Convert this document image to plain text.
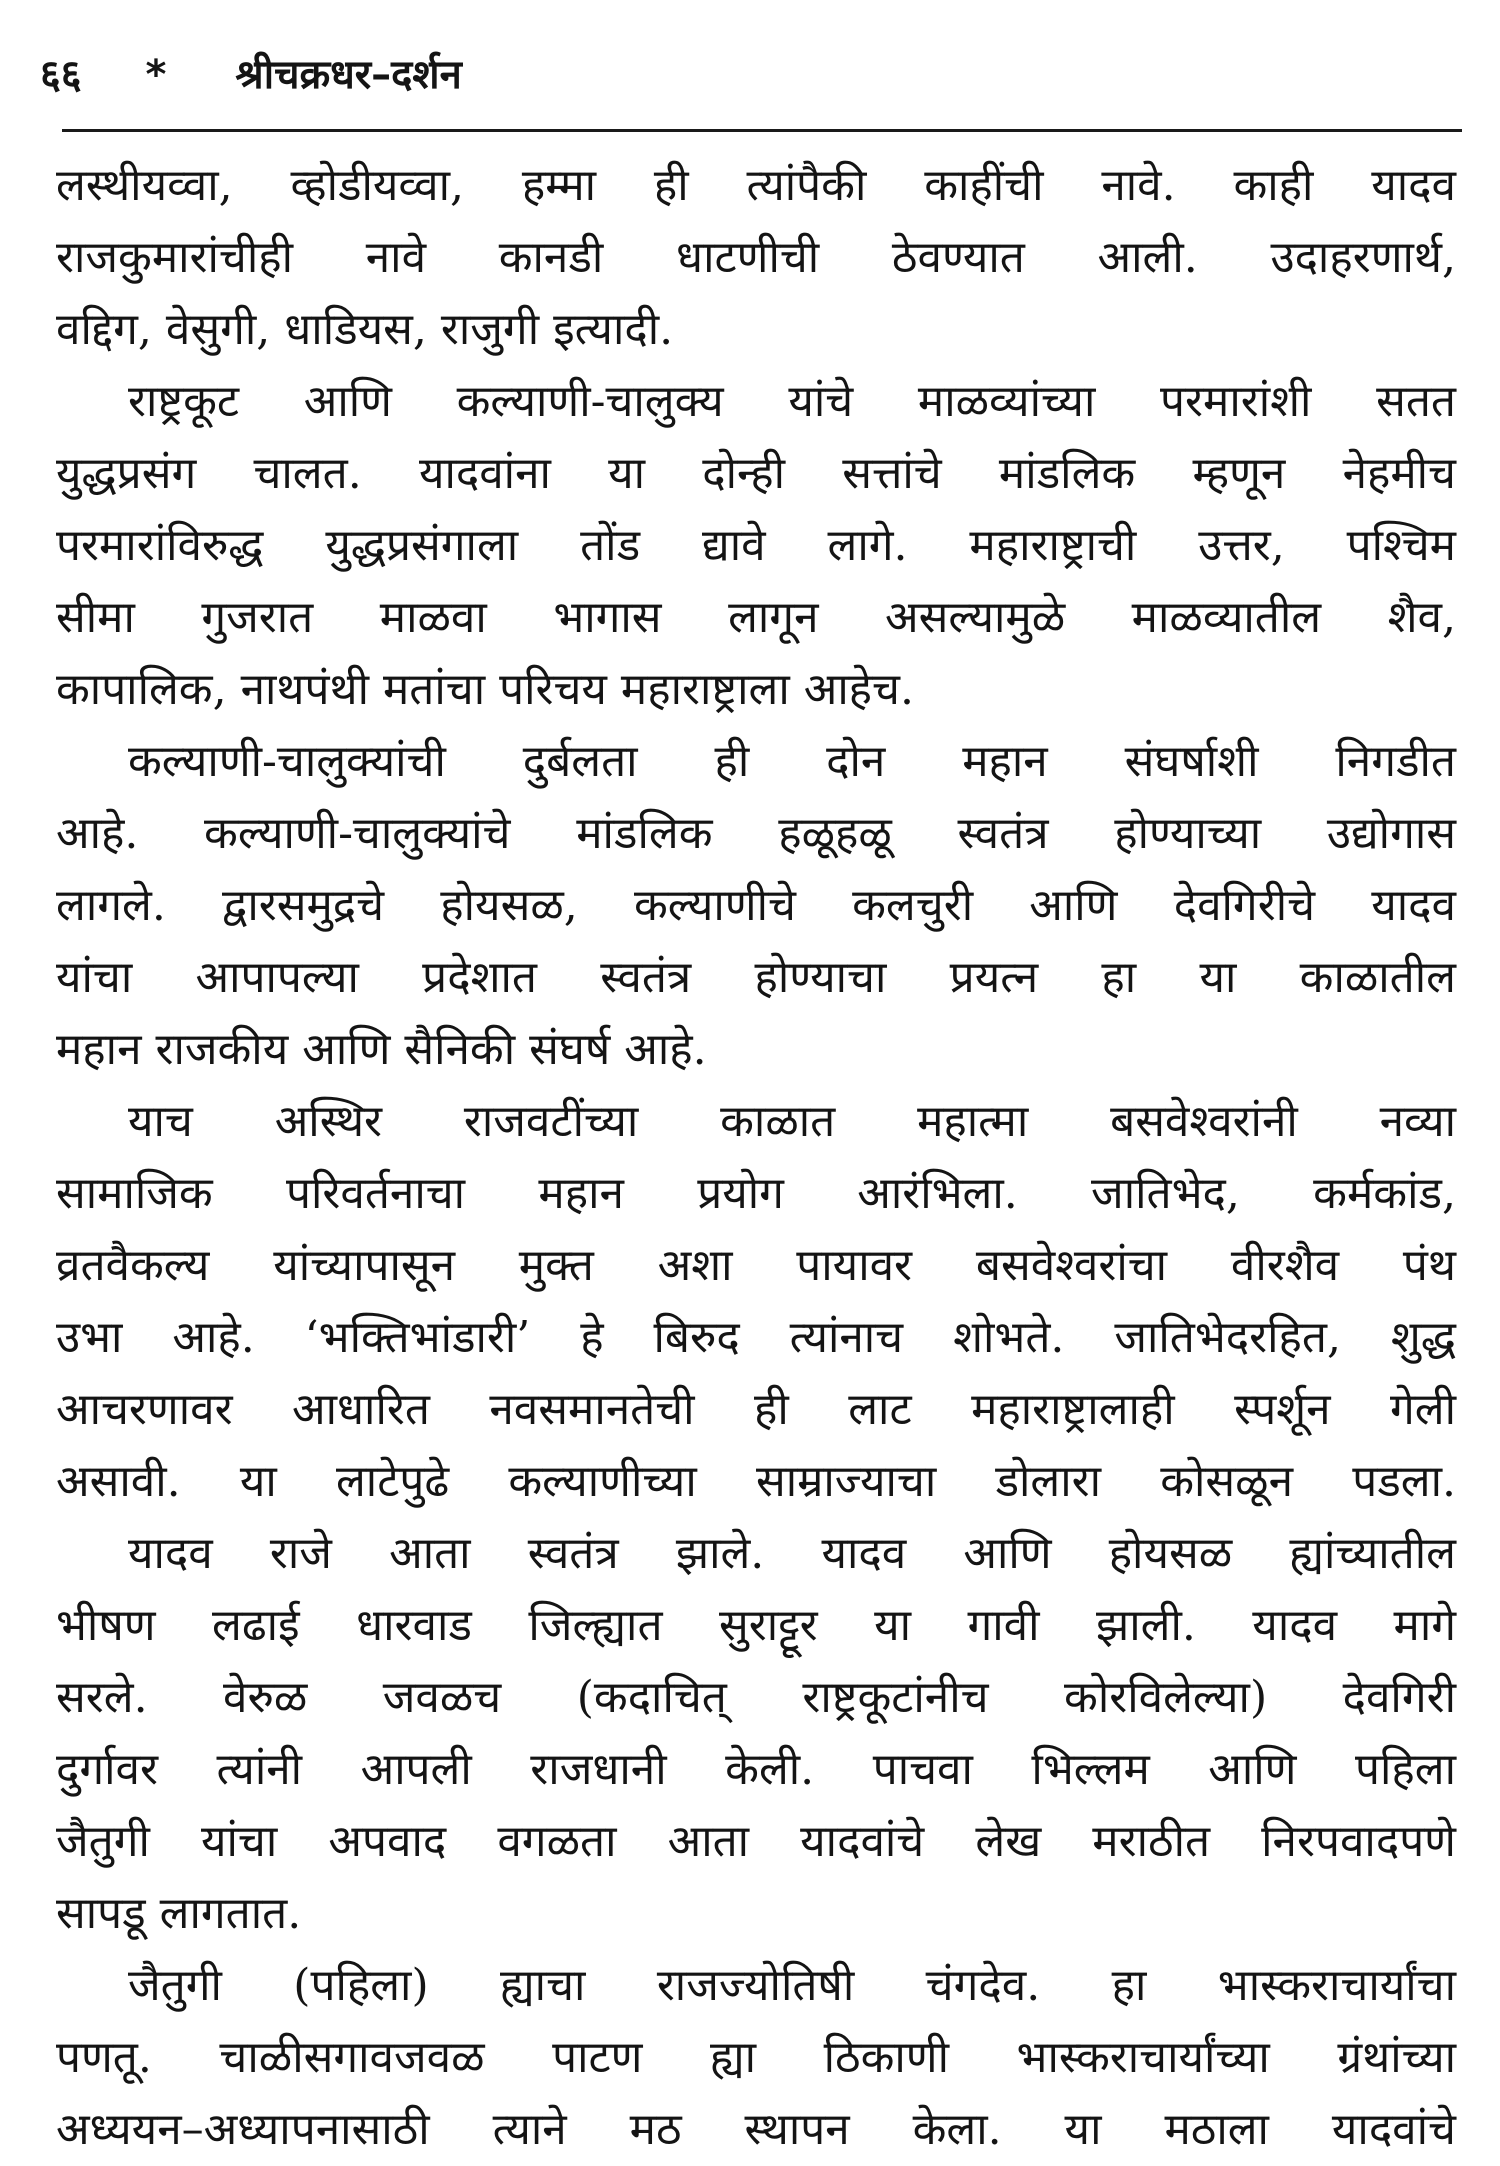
६६ * श्रीचक्रधर–दर्शन
लस्थीयव्वा, व्होडीयव्वा, हम्मा ही त्यांपैकी काहींची नावे. काही यादव
राजकुमारांचीही नावे कानडी धाटणीची ठेवण्यात आली. उदाहरणार्थ,
वद्दिग, वेसुगी, धाडियस, राजुगी इत्यादी.
राष्ट्रकूट आणि कल्याणी-चालुक्य यांचे माळव्यांच्या परमारांशी सतत
युद्धप्रसंग चालत. यादवांना या दोन्ही सत्तांचे मांडलिक म्हणून नेहमीच
परमारांविरुद्ध युद्धप्रसंगाला तोंड द्यावे लागे. महाराष्ट्राची उत्तर, पश्चिम
सीमा गुजरात माळवा भागास लागून असल्यामुळे माळव्यातील शैव,
कापालिक, नाथपंथी मतांचा परिचय महाराष्ट्राला आहेच.
कल्याणी-चालुक्यांची दुर्बलता ही दोन महान संघर्षाशी निगडीत
आहे. कल्याणी-चालुक्यांचे मांडलिक हळूहळू स्वतंत्र होण्याच्या उद्योगास
लागले. द्वारसमुद्रचे होयसळ, कल्याणीचे कलचुरी आणि देवगिरीचे यादव
यांचा आपापल्या प्रदेशात स्वतंत्र होण्याचा प्रयत्न हा या काळातील
महान राजकीय आणि सैनिकी संघर्ष आहे.
याच अस्थिर राजवटींच्या काळात महात्मा बसवेश्वरांनी नव्या
सामाजिक परिवर्तनाचा महान प्रयोग आरंभिला. जातिभेद, कर्मकांड,
व्रतवैकल्य यांच्यापासून मुक्त अशा पायावर बसवेश्वरांचा वीरशैव पंथ
उभा आहे. ‘भक्तिभांडारी’ हे बिरुद त्यांनाच शोभते. जातिभेदरहित, शुद्ध
आचरणावर आधारित नवसमानतेची ही लाट महाराष्ट्रालाही स्पर्शून गेली
असावी. या लाटेपुढे कल्याणीच्या साम्राज्याचा डोलारा कोसळून पडला.
यादव राजे आता स्वतंत्र झाले. यादव आणि होयसळ ह्यांच्यातील
भीषण लढाई धारवाड जिल्ह्यात सुराट्टूर या गावी झाली. यादव मागे
सरले. वेरुळ जवळच (कदाचित् राष्ट्रकूटांनीच कोरविलेल्या) देवगिरी
दुर्गावर त्यांनी आपली राजधानी केली. पाचवा भिल्लम आणि पहिला
जैतुगी यांचा अपवाद वगळता आता यादवांचे लेख मराठीत निरपवादपणे
सापडू लागतात.
जैतुगी (पहिला) ह्याचा राजज्योतिषी चंगदेव. हा भास्कराचार्यांचा
पणतू. चाळीसगावजवळ पाटण ह्या ठिकाणी भास्कराचार्यांच्या ग्रंथांच्या
अध्ययन–अध्यापनासाठी त्याने मठ स्थापन केला. या मठाला यादवांचे
